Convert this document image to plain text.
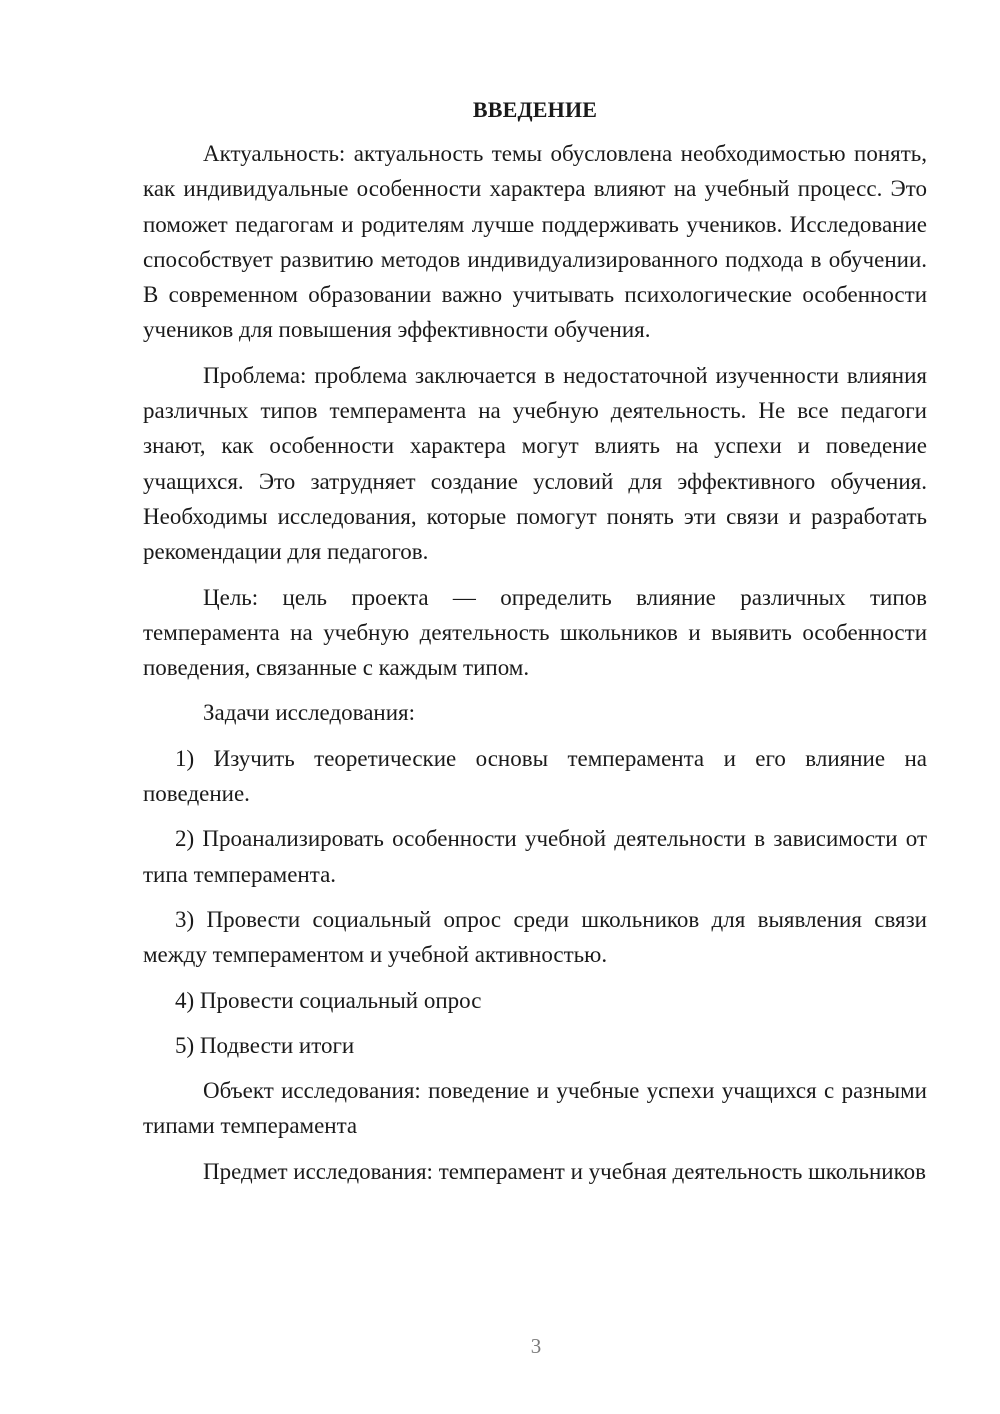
ВВЕДЕНИЕ

Актуальность: актуальность темы обусловлена необходимостью понять, как индивидуальные особенности характера влияют на учебный процесс. Это поможет педагогам и родителям лучше поддерживать учеников. Исследование способствует развитию методов индивидуализированного подхода в обучении. В современном образовании важно учитывать психологические особенности учеников для повышения эффективности обучения.

Проблема: проблема заключается в недостаточной изученности влияния различных типов темперамента на учебную деятельность. Не все педагоги знают, как особенности характера могут влиять на успехи и поведение учащихся. Это затрудняет создание условий для эффективного обучения. Необходимы исследования, которые помогут понять эти связи и разработать рекомендации для педагогов.

Цель: цель проекта — определить влияние различных типов темперамента на учебную деятельность школьников и выявить особенности поведения, связанные с каждым типом.

Задачи исследования:

1) Изучить теоретические основы темперамента и его влияние на поведение.

2) Проанализировать особенности учебной деятельности в зависимости от типа темперамента.

3) Провести социальный опрос среди школьников для выявления связи между темпераментом и учебной активностью.

4) Провести социальный опрос

5) Подвести итоги

Объект исследования: поведение и учебные успехи учащихся с разными типами темперамента

Предмет исследования: темперамент и учебная деятельность школьников

3
